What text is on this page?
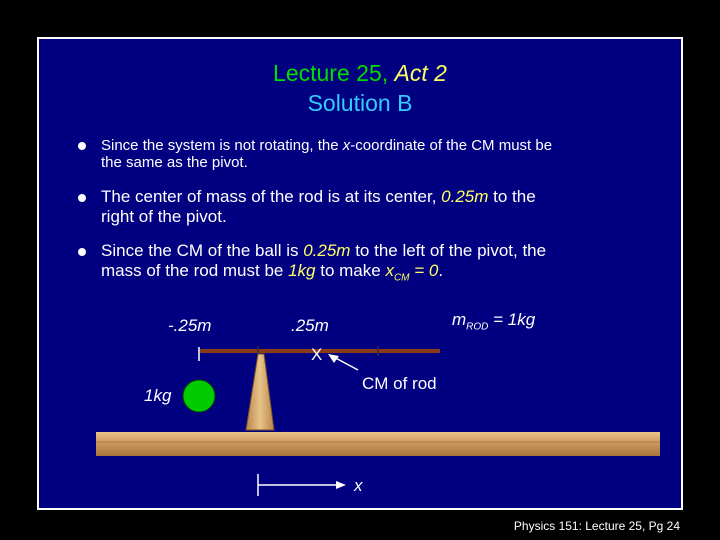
Lecture 25, Act 2
Solution B
Since the system is not rotating, the x-coordinate of the CM must be
the same as the pivot.
The center of mass of the rod is at its center, 0.25m to the
right of the pivot.
Since the CM of the ball is 0.25m to the left of the pivot, the
mass of the rod must be 1kg to make $x_{CM} = 0$.
-.25m	.25m	$m_{ROD} = 1kg$
X
CM of rod
1kg
x
Physics 151: Lecture 25, Pg 24
